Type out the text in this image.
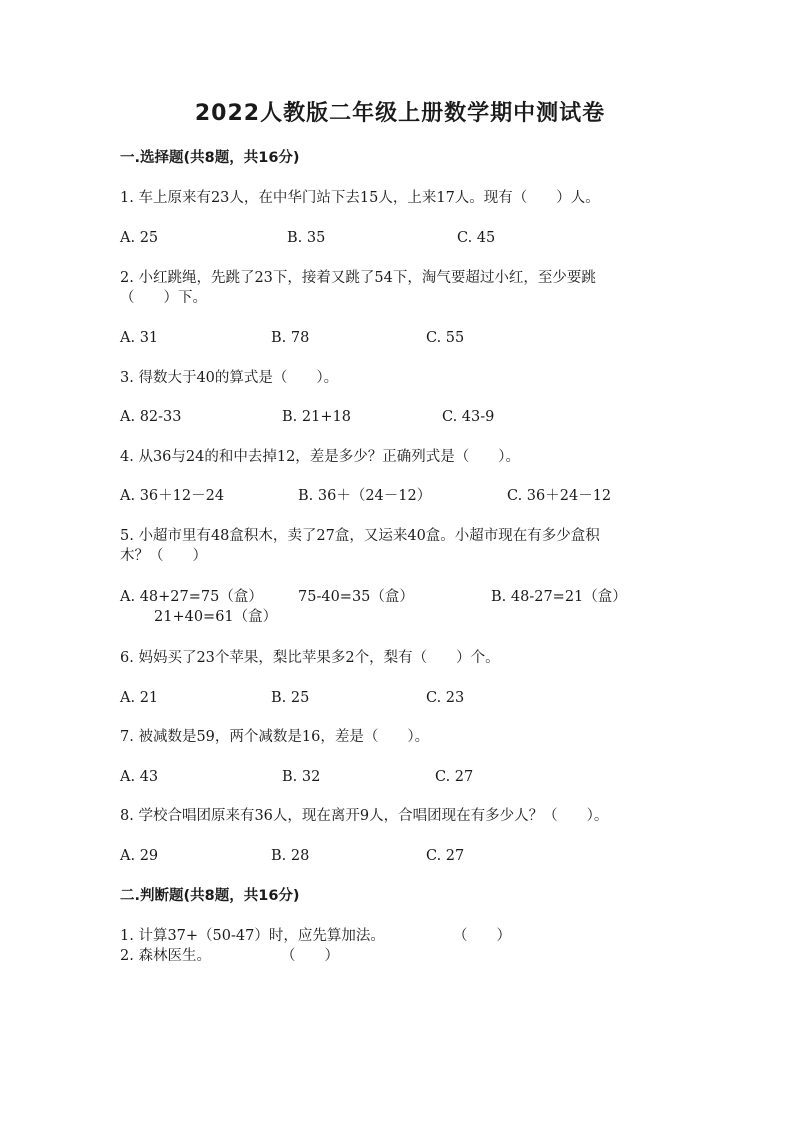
2022人教版二年级上册数学期中测试卷
一.选择题(共8题，共16分)
1. 车上原来有23人，在中华门站下去15人，上来17人。现有（　　）人。
A. 25	B. 35	C. 45
2. 小红跳绳，先跳了23下，接着又跳了54下，淘气要超过小红，至少要跳
（　　）下。
A. 31	B. 78	C. 55
3. 得数大于40的算式是（　　）。
A. 82-33	B. 21+18	C. 43-9
4. 从36与24的和中去掉12，差是多少？正确列式是（　　）。
A. 36＋12－24	B. 36＋（24－12）	C. 36＋24－12
5. 小超市里有48盒积木，卖了27盒，又运来40盒。小超市现在有多少盒积
木？（　　）
A. 48+27=75（盒） 75-40=35（盒）	B. 48-27=21（盒）
21+40=61（盒）
6. 妈妈买了23个苹果，梨比苹果多2个，梨有（　　）个。
A. 21	B. 25	C. 23
7. 被减数是59，两个减数是16，差是（　　）。
A. 43	B. 32	C. 27
8. 学校合唱团原来有36人，现在离开9人，合唱团现在有多少人？（　　）。
A. 29	B. 28	C. 27
二.判断题(共8题，共16分)
1. 计算37+（50-47）时，应先算加法。	（　　）
2. 森林医生。	（　　）
